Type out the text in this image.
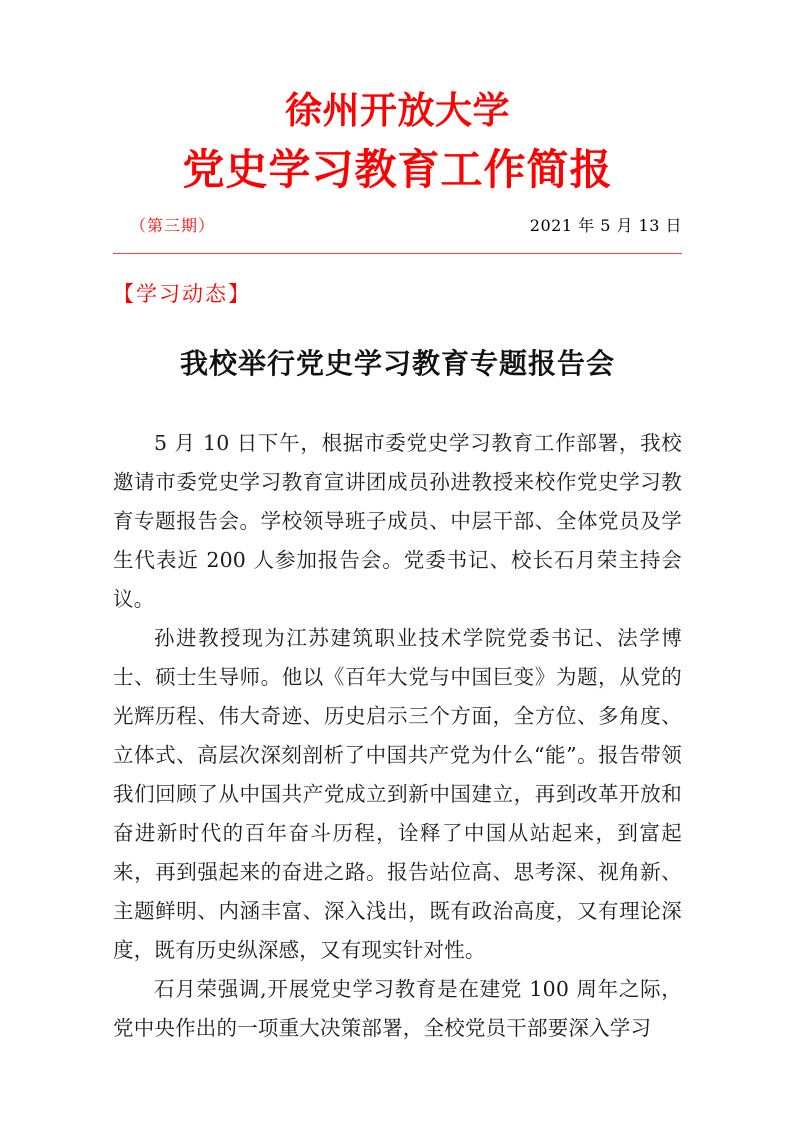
徐州开放大学
党史学习教育工作简报
（第三期）	2021 年 5 月 13 日
【学习动态】
我校举行党史学习教育专题报告会

5 月 10 日下午，根据市委党史学习教育工作部署，我校邀请市委党史学习教育宣讲团成员孙进教授来校作党史学习教育专题报告会。学校领导班子成员、中层干部、全体党员及学生代表近 200 人参加报告会。党委书记、校长石月荣主持会议。

孙进教授现为江苏建筑职业技术学院党委书记、法学博士、硕士生导师。他以《百年大党与中国巨变》为题，从党的光辉历程、伟大奇迹、历史启示三个方面，全方位、多角度、立体式、高层次深刻剖析了中国共产党为什么“能”。报告带领我们回顾了从中国共产党成立到新中国建立，再到改革开放和奋进新时代的百年奋斗历程，诠释了中国从站起来，到富起来，再到强起来的奋进之路。报告站位高、思考深、视角新、主题鲜明、内涵丰富、深入浅出，既有政治高度，又有理论深度，既有历史纵深感，又有现实针对性。

石月荣强调,开展党史学习教育是在建党 100 周年之际，党中央作出的一项重大决策部署，全校党员干部要深入学习
